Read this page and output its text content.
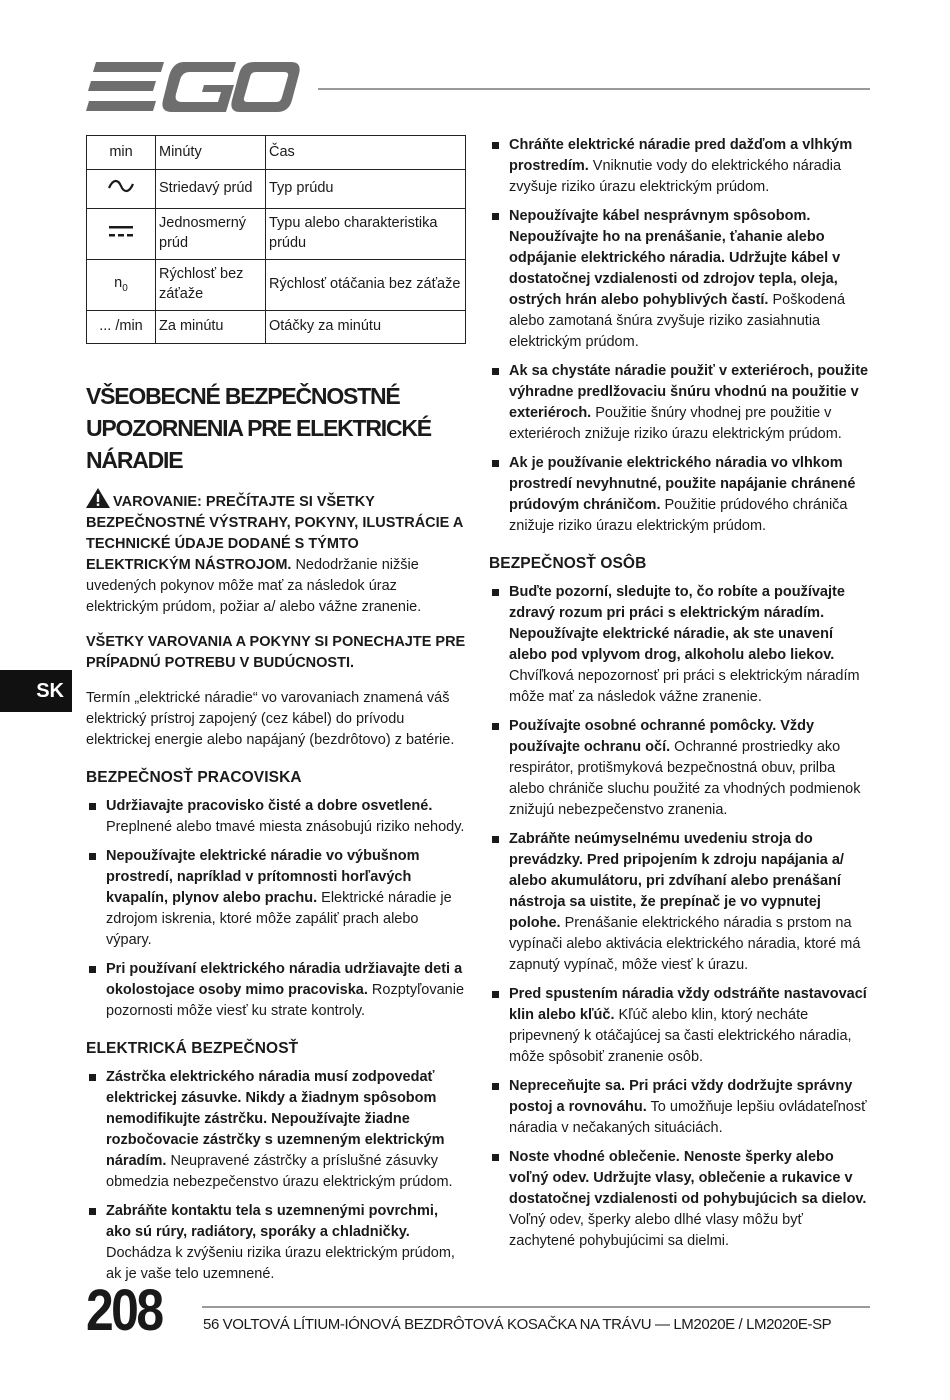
EGO
min	Minúty	Čas
	Striedavý prúd	Typ prúdu
	Jednosmerný prúd	Typu alebo charakteristika prúdu
$n_0$	Rýchlosť bez záťaže	Rýchlosť otáčania bez záťaže
... /min	Za minútu	Otáčky za minútu
VŠEOBECNÉ BEZPEČNOSTNÉ UPOZORNENIA PRE ELEKTRICKÉ NÁRADIE

VAROVANIE: PREČÍTAJTE SI VŠETKY BEZPEČNOSTNÉ VÝSTRAHY, POKYNY, ILUSTRÁCIE A TECHNICKÉ ÚDAJE DODANÉ S TÝMTO ELEKTRICKÝM NÁSTROJOM. Nedodržanie nižšie uvedených pokynov môže mať za následok úraz elektrickým prúdom, požiar a/ alebo vážne zranenie.

VŠETKY VAROVANIA A POKYNY SI PONECHAJTE PRE PRÍPADNÚ POTREBU V BUDÚCNOSTI.

Termín „elektrické náradie“ vo varovaniach znamená váš elektrický prístroj zapojený (cez kábel) do prívodu elektrickej energie alebo napájaný (bezdrôtovo) z batérie.

BEZPEČNOSŤ PRACOVISKA
Udržiavajte pracovisko čisté a dobre osvetlené. Preplnené alebo tmavé miesta znásobujú riziko nehody.
Nepoužívajte elektrické náradie vo výbušnom prostredí, napríklad v prítomnosti horľavých kvapalín, plynov alebo prachu. Elektrické náradie je zdrojom iskrenia, ktoré môže zapáliť prach alebo výpary.
Pri používaní elektrického náradia udržiavajte deti a okolostojace osoby mimo pracoviska. Rozptyľovanie pozornosti môže viesť ku strate kontroly.
ELEKTRICKÁ BEZPEČNOSŤ
Zástrčka elektrického náradia musí zodpovedať elektrickej zásuvke. Nikdy a žiadnym spôsobom nemodifikujte zástrčku. Nepoužívajte žiadne rozbočovacie zástrčky s uzemneným elektrickým náradím. Neupravené zástrčky a príslušné zásuvky obmedzia nebezpečenstvo úrazu elektrickým prúdom.
Zabráňte kontaktu tela s uzemnenými povrchmi, ako sú rúry, radiátory, sporáky a chladničky. Dochádza k zvýšeniu rizika úrazu elektrickým prúdom, ak je vaše telo uzemnené.
Chráňte elektrické náradie pred dažďom a vlhkým prostredím. Vniknutie vody do elektrického náradia zvyšuje riziko úrazu elektrickým prúdom.
Nepoužívajte kábel nesprávnym spôsobom. Nepoužívajte ho na prenášanie, ťahanie alebo odpájanie elektrického náradia. Udržujte kábel v dostatočnej vzdialenosti od zdrojov tepla, oleja, ostrých hrán alebo pohyblivých častí. Poškodená alebo zamotaná šnúra zvyšuje riziko zasiahnutia elektrickým prúdom.
Ak sa chystáte náradie použiť v exteriéroch, použite výhradne predlžovaciu šnúru vhodnú na použitie v exteriéroch. Použitie šnúry vhodnej pre použitie v exteriéroch znižuje riziko úrazu elektrickým prúdom.
Ak je používanie elektrického náradia vo vlhkom prostredí nevyhnutné, použite napájanie chránené prúdovým chráničom. Použitie prúdového chrániča znižuje riziko úrazu elektrickým prúdom.
BEZPEČNOSŤ OSÔB
Buďte pozorní, sledujte to, čo robíte a používajte zdravý rozum pri práci s elektrickým náradím. Nepoužívajte elektrické náradie, ak ste unavení alebo pod vplyvom drog, alkoholu alebo liekov. Chvíľková nepozornosť pri práci s elektrickým náradím môže mať za následok vážne zranenie.
Používajte osobné ochranné pomôcky. Vždy používajte ochranu očí. Ochranné prostriedky ako respirátor, protišmyková bezpečnostná obuv, prilba alebo chrániče sluchu použité za vhodných podmienok znižujú nebezpečenstvo zranenia.
Zabráňte neúmyselnému uvedeniu stroja do prevádzky. Pred pripojením k zdroju napájania a/ alebo akumulátoru, pri zdvíhaní alebo prenášaní nástroja sa uistite, že prepínač je vo vypnutej polohe. Prenášanie elektrického náradia s prstom na vypínači alebo aktivácia elektrického náradia, ktoré má zapnutý vypínač, môže viesť k úrazu.
Pred spustením náradia vždy odstráňte nastavovací klin alebo kľúč. Kľúč alebo klin, ktorý necháte pripevnený k otáčajúcej sa časti elektrického náradia, môže spôsobiť zranenie osôb.
Nepreceňujte sa. Pri práci vždy dodržujte správny postoj a rovnováhu. To umožňuje lepšiu ovládateľnosť náradia v nečakaných situáciách.
Noste vhodné oblečenie. Nenoste šperky alebo voľný odev. Udržujte vlasy, oblečenie a rukavice v dostatočnej vzdialenosti od pohybujúcich sa dielov. Voľný odev, šperky alebo dlhé vlasy môžu byť zachytené pohybujúcimi sa dielmi.
SK
208	56 VOLTOVÁ LÍTIUM-IÓNOVÁ BEZDRÔTOVÁ KOSAČKA NA TRÁVU — LM2020E / LM2020E-SP
